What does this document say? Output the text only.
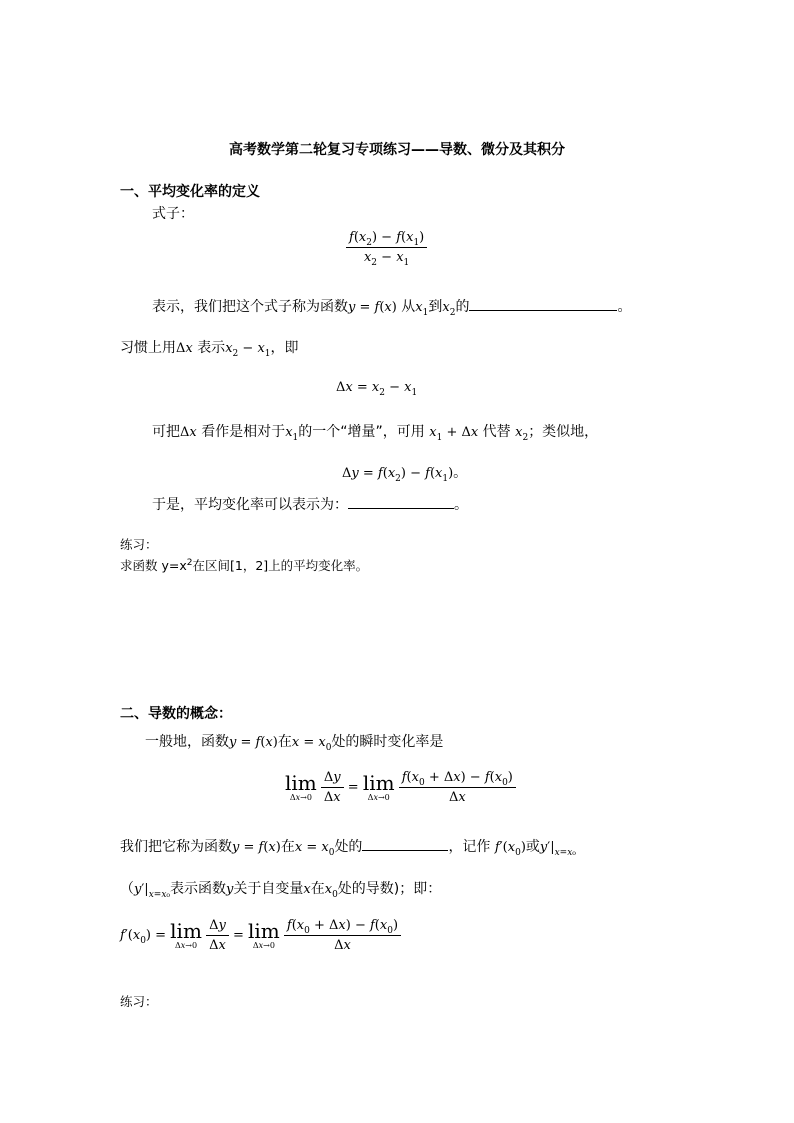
高考数学第二轮复习专项练习——导数、微分及其积分
一、平均变化率的定义
式子：
$\frac{f(x_2) - f(x_1)}{x_2 - x_1}$
表示，我们把这个式子称为函数y = f(x) 从$x_1$到$x_2$的	。
习惯上用Δx 表示$x_2 - x_1$，即
$\Delta x = x_2 - x_1$
可把Δx 看作是相对于$x_1$的一个“增量”，可用 $x_1 + \Delta x$ 代替 $x_2$；类似地，
$\Delta y = f(x_2) - f(x_1)$。
于是，平均变化率可以表示为：	。
练习：
求函数 $y=x^2$在区间[1，2]上的平均变化率。
二、导数的概念：
一般地，函数y = f(x)在$x = x_0$处的瞬时变化率是
lim
Δx→0
$\frac{\Delta y}{\Delta x} = \lim$
Δx→0
$\frac{f(x_0 + \Delta x) - f(x_0)}{\Delta x}$
我们把它称为函数y = f(x)在$x = x_0$处的	，记作 $f'(x_0)$或$y'|_{x=x_0}$
（$y'|_{x=x_0}$表示函数y关于自变量x在$x_0$处的导数)；即：
$f'(x_0) = \lim$
Δx→0
$\frac{\Delta y}{\Delta x} = \lim$
Δx→0
$\frac{f(x_0 + \Delta x) - f(x_0)}{\Delta x}$
练习：
